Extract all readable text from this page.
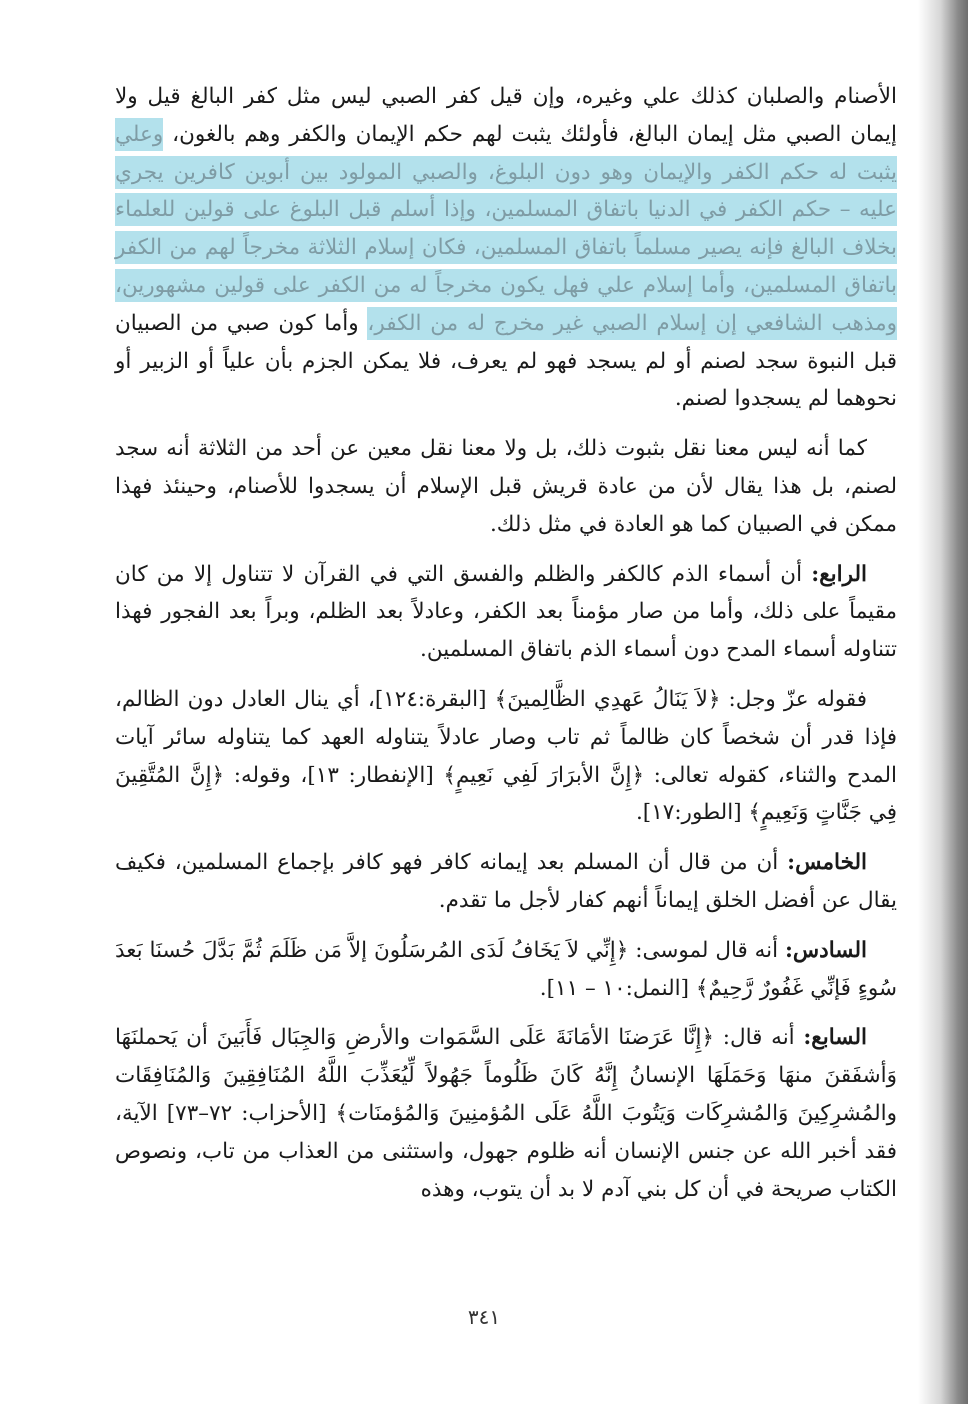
الأصنام والصلبان كذلك علي وغيره، وإن قيل كفر الصبي ليس مثل كفر البالغ قيل ولا إيمان الصبي مثل إيمان البالغ، فأولئك يثبت لهم حكم الإيمان والكفر وهم بالغون، وعلي يثبت له حكم الكفر والإيمان وهو دون البلوغ، والصبي المولود بين أبوين كافرين يجري عليه – حكم الكفر في الدنيا باتفاق المسلمين، وإذا أسلم قبل البلوغ على قولين للعلماء بخلاف البالغ فإنه يصير مسلماً باتفاق المسلمين، فكان إسلام الثلاثة مخرجاً لهم من الكفر باتفاق المسلمين، وأما إسلام علي فهل يكون مخرجاً له من الكفر على قولين مشهورين، ومذهب الشافعي إن إسلام الصبي غير مخرج له من الكفر، وأما كون صبي من الصبيان قبل النبوة سجد لصنم أو لم يسجد فهو لم يعرف، فلا يمكن الجزم بأن علياً أو الزبير أو نحوهما لم يسجدوا لصنم.

كما أنه ليس معنا نقل بثبوت ذلك، بل ولا معنا نقل معين عن أحد من الثلاثة أنه سجد لصنم، بل هذا يقال لأن من عادة قريش قبل الإسلام أن يسجدوا للأصنام، وحينئذ فهذا ممكن في الصبيان كما هو العادة في مثل ذلك.

الرابع: أن أسماء الذم كالكفر والظلم والفسق التي في القرآن لا تتناول إلا من كان مقيماً على ذلك، وأما من صار مؤمناً بعد الكفر، وعادلاً بعد الظلم، وبراً بعد الفجور فهذا تتناوله أسماء المدح دون أسماء الذم باتفاق المسلمين.

فقوله عزّ وجل: ﴿لاَ يَنَالُ عَهدِي الظَّالِمينَ﴾ [البقرة:١٢٤]، أي ينال العادل دون الظالم، فإذا قدر أن شخصاً كان ظالماً ثم تاب وصار عادلاً يتناوله العهد كما يتناوله سائر آيات المدح والثناء، كقوله تعالى: ﴿إِنَّ الأبرَارَ لَفِي نَعِيمٍ﴾ [الإنفطار: ١٣]، وقوله: ﴿إِنَّ المُتَّقِينَ فِي جَنَّاتٍ وَنَعِيمٍ﴾ [الطور:١٧].

الخامس: أن من قال أن المسلم بعد إيمانه كافر فهو كافر بإجماع المسلمين، فكيف يقال عن أفضل الخلق إيماناً أنهم كفار لأجل ما تقدم.

السادس: أنه قال لموسى: ﴿إِنِّي لاَ يَخَافُ لَدَى المُرسَلُونَ إلاَّ مَن ظَلَمَ ثُمَّ بَدَّلَ حُسنَا بَعدَ سُوءٍ فَإنِّي غَفُورٌ رَّحِيمٌ﴾ [النمل:١٠ – ١١].

السابع: أنه قال: ﴿إِنَّا عَرَضنَا الأمَانَةَ عَلَى السَّمَوات والأرضِ وَالجِبَال فَأَبَينَ أن يَحملنَهَا وَأشفَقنَ منهَا وَحَمَلَهَا الإنسانُ إِنَّهُ كَانَ ظَلُوماً جَهُولاً لِّيُعَذِّبَ اللَّهُ المُنَافِقِينَ وَالمُنَافِقَات والمُشرِكِينَ وَالمُشرِكَات وَيَتُوبَ اللَّهُ عَلَى المُؤمنِينَ وَالمُؤمنَات﴾ [الأحزاب: ٧٢–٧٣] الآية، فقد أخبر الله عن جنس الإنسان أنه ظلوم جهول، واستثنى من العذاب من تاب، ونصوص الكتاب صريحة في أن كل بني آدم لا بد أن يتوب، وهذه

٣٤١
